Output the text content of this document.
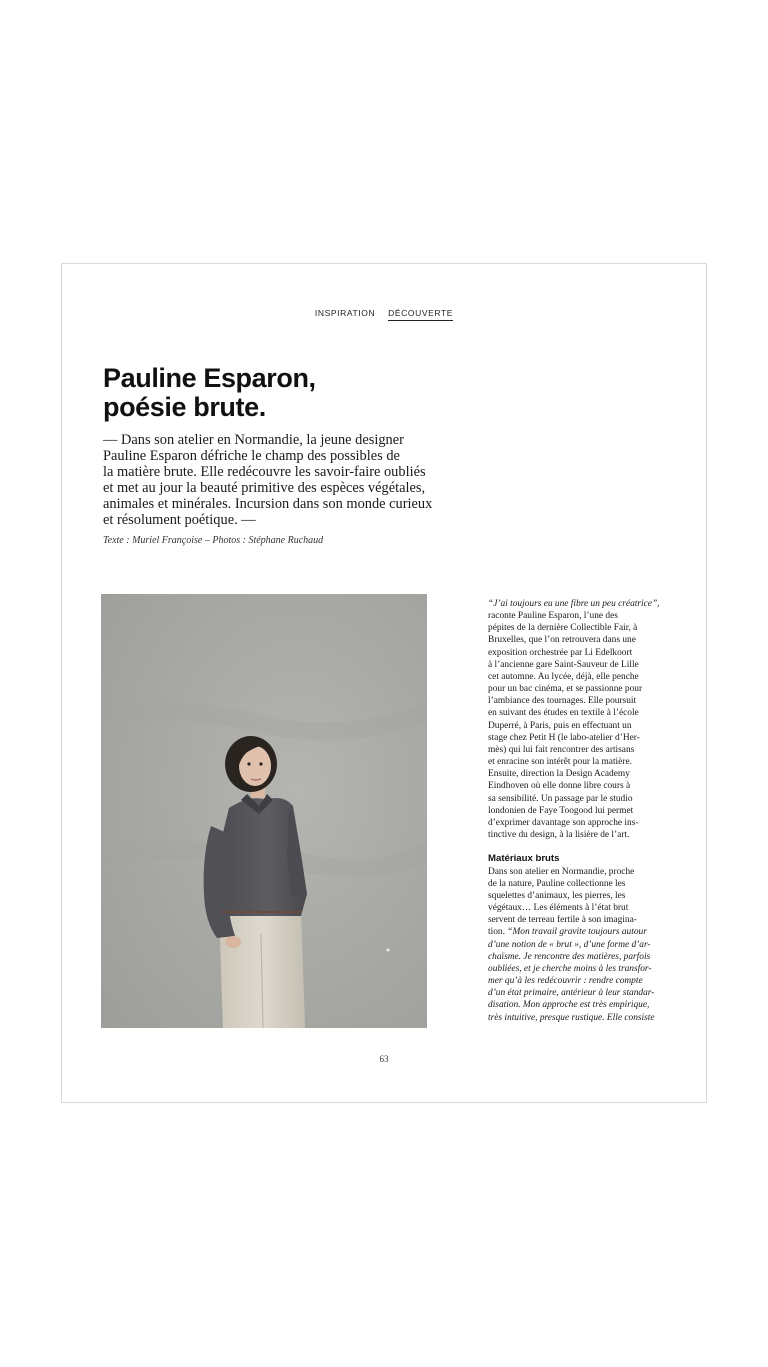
INSPIRATION DÉCOUVERTE
Pauline Esparon,
poésie brute.
— Dans son atelier en Normandie, la jeune designer
Pauline Esparon défriche le champ des possibles de
la matière brute. Elle redécouvre les savoir-faire oubliés
et met au jour la beauté primitive des espèces végétales,
animales et minérales. Incursion dans son monde curieux
et résolument poétique. —
Texte : Muriel Françoise – Photos : Stéphane Ruchaud
“J’ai toujours eu une fibre un peu créatrice”,
raconte Pauline Esparon, l’une des
pépites de la dernière Collectible Fair, à
Bruxelles, que l’on retrouvera dans une
exposition orchestrée par Li Edelkoort
à l’ancienne gare Saint-Sauveur de Lille
cet automne. Au lycée, déjà, elle penche
pour un bac cinéma, et se passionne pour
l’ambiance des tournages. Elle poursuit
en suivant des études en textile à l’école
Duperré, à Paris, puis en effectuant un
stage chez Petit H (le labo-atelier d’Her-
mès) qui lui fait rencontrer des artisans
et enracine son intérêt pour la matière.
Ensuite, direction la Design Academy
Eindhoven où elle donne libre cours à
sa sensibilité. Un passage par le studio
londonien de Faye Toogood lui permet
d’exprimer davantage son approche ins-
tinctive du design, à la lisière de l’art.
Matériaux bruts
Dans son atelier en Normandie, proche
de la nature, Pauline collectionne les
squelettes d’animaux, les pierres, les
végétaux… Les éléments à l’état brut
servent de terreau fertile à son imagina-
tion. “Mon travail gravite toujours autour
d’une notion de « brut », d’une forme d’ar-
chaïsme. Je rencontre des matières, parfois
oubliées, et je cherche moins à les transfor-
mer qu’à les redécouvrir : rendre compte
d’un état primaire, antérieur à leur standar-
disation. Mon approche est très empirique,
très intuitive, presque rustique. Elle consiste
63
